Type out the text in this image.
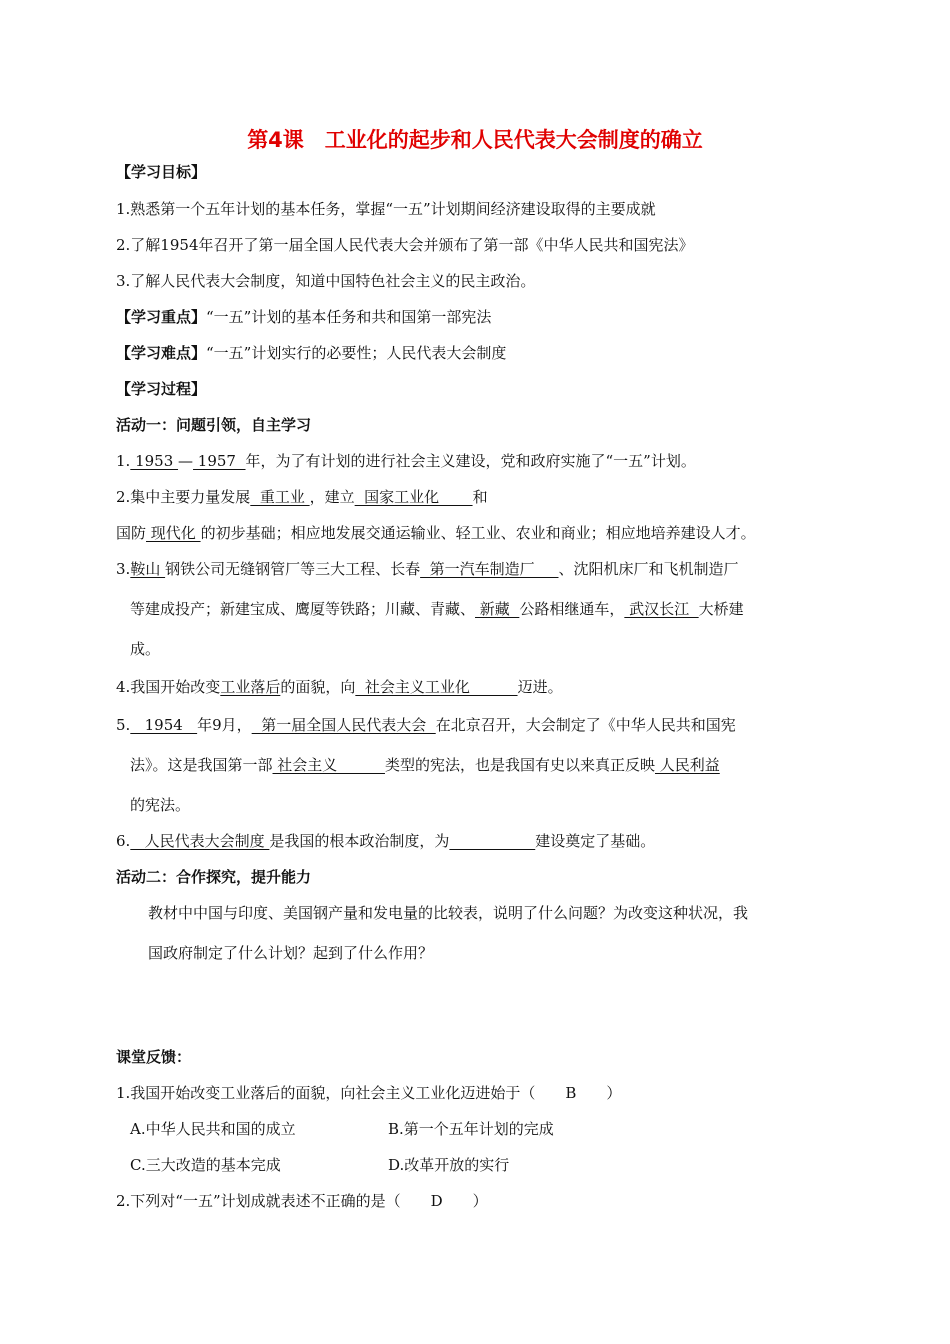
第4课　工业化的起步和人民代表大会制度的确立
【学习目标】
1.熟悉第一个五年计划的基本任务，掌握“一五”计划期间经济建设取得的主要成就
2.了解1954年召开了第一届全国人民代表大会并颁布了第一部《中华人民共和国宪法》
3.了解人民代表大会制度，知道中国特色社会主义的民主政治。
【学习重点】“一五”计划的基本任务和共和国第一部宪法
【学习难点】“一五”计划实行的必要性；人民代表大会制度
【学习过程】
活动一：问题引领，自主学习
1. 1953 — 1957  年，为了有计划的进行社会主义建设，党和政府实施了“一五”计划。
2.集中主要力量发展  重工业 ，建立  国家工业化       和
国防 现代化 的初步基础；相应地发展交通运输业、轻工业、农业和商业；相应地培养建设人才。
3.鞍山 钢铁公司无缝钢管厂等三大工程、长春  第一汽车制造厂     、沈阳机床厂和飞机制造厂
等建成投产；新建宝成、鹰厦等铁路；川藏、青藏、 新藏  公路相继通车， 武汉长江  大桥建
成。
4.我国开始改变工业落后的面貌，向  社会主义工业化          迈进。
5.   1954   年9月，  第一届全国人民代表大会  在北京召开，大会制定了《中华人民共和国宪
法》。这是我国第一部 社会主义          类型的宪法，也是我国有史以来真正反映 人民利益
的宪法。
6.   人民代表大会制度 是我国的根本政治制度，为	建设奠定了基础。
活动二：合作探究，提升能力
教材中中国与印度、美国钢产量和发电量的比较表，说明了什么问题？为改变这种状况，我
国政府制定了什么计划？起到了什么作用？
课堂反馈：
1.我国开始改变工业落后的面貌，向社会主义工业化迈进始于（　　B　　）
A.中华人民共和国的成立	B.第一个五年计划的完成
C.三大改造的基本完成	D.改革开放的实行
2.下列对“一五”计划成就表述不正确的是（　　D　　）
